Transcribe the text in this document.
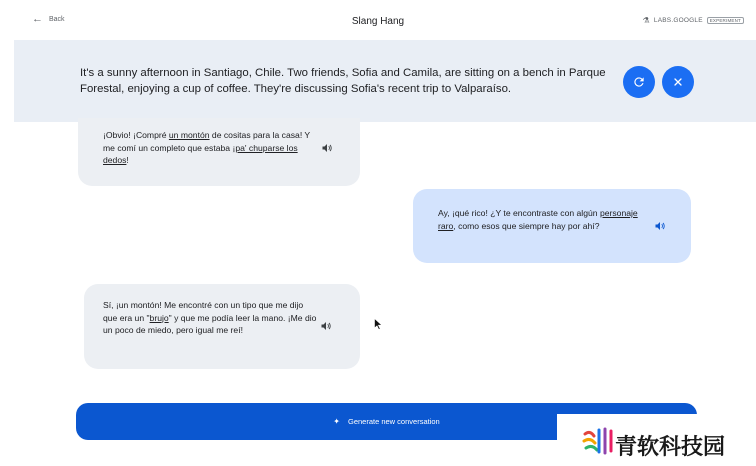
← Back	Slang Hang	⚗ LABS.GOOGLE	EXPERIMENT
It's a sunny afternoon in Santiago, Chile. Two friends, Sofia and Camila, are sitting on a bench in Parque Forestal, enjoying a cup of coffee. They're discussing Sofia's recent trip to Valparaíso.
¡Obvio! ¡Compré un montón de cositas para la casa! Y me comí un completo que estaba ¡pa' chuparse los dedos!
Ay, ¡qué rico! ¿Y te encontraste con algún personaje raro, como esos que siempre hay por ahí?
Sí, ¡un montón! Me encontré con un tipo que me dijo que era un "brujo" y que me podía leer la mano. ¡Me dio un poco de miedo, pero igual me reí!
✦ Generate new conversation
青软科技园
